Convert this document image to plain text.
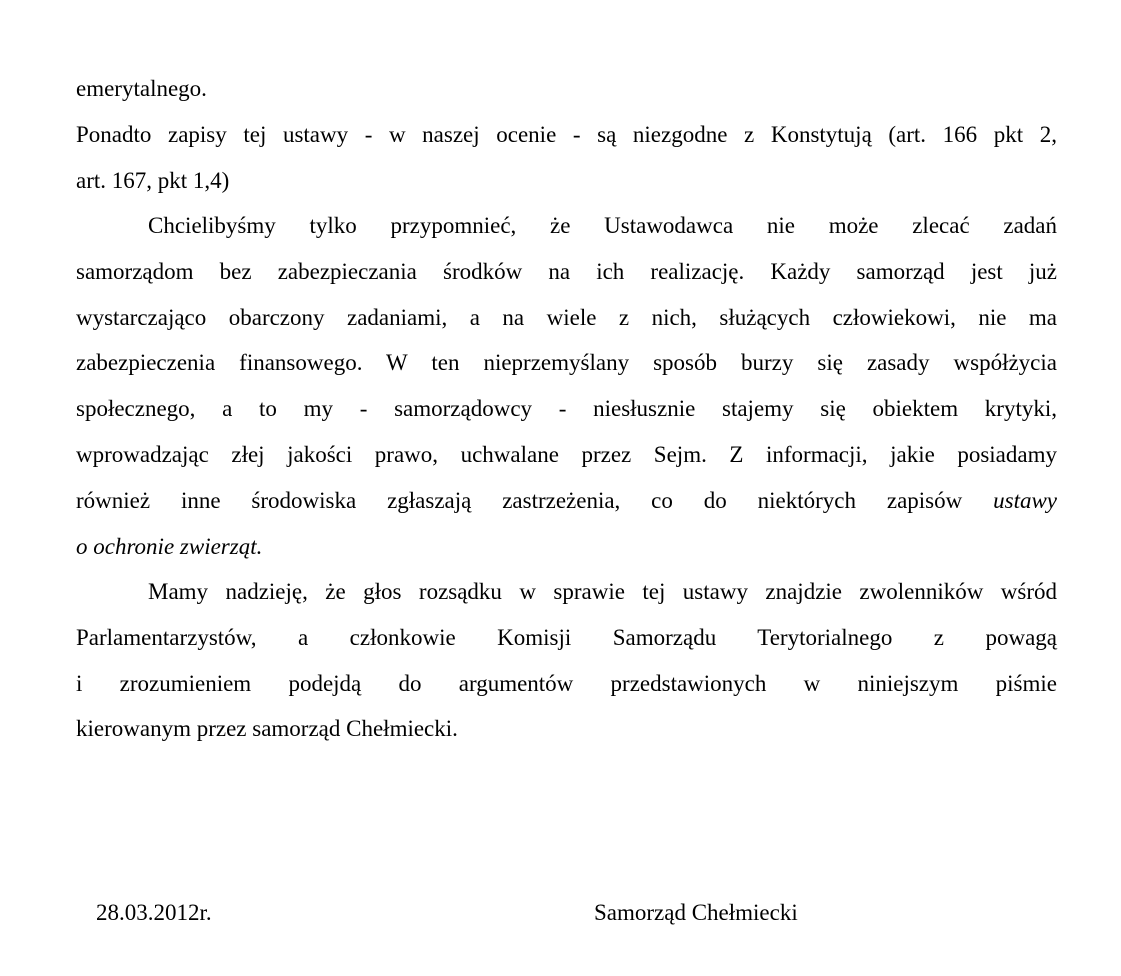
emerytalnego.
Ponadto zapisy tej ustawy - w naszej ocenie - są niezgodne z Konstytują (art. 166 pkt 2,
art. 167, pkt 1,4)
Chcielibyśmy tylko przypomnieć, że Ustawodawca nie może zlecać zadań
samorządom bez zabezpieczania środków na ich realizację. Każdy samorząd jest już
wystarczająco obarczony zadaniami, a na wiele z nich, służących człowiekowi, nie ma
zabezpieczenia finansowego. W ten nieprzemyślany sposób burzy się zasady współżycia
społecznego, a to my - samorządowcy - niesłusznie stajemy się obiektem krytyki,
wprowadzając złej jakości prawo, uchwalane przez Sejm. Z informacji, jakie posiadamy
również inne środowiska zgłaszają zastrzeżenia, co do niektórych zapisów ustawy
o ochronie zwierząt.
Mamy nadzieję, że głos rozsądku w sprawie tej ustawy znajdzie zwolenników wśród
Parlamentarzystów, a członkowie Komisji Samorządu Terytorialnego z powagą
i zrozumieniem podejdą do argumentów przedstawionych w niniejszym piśmie
kierowanym przez samorząd Chełmiecki.
28.03.2012r.	Samorząd Chełmiecki
